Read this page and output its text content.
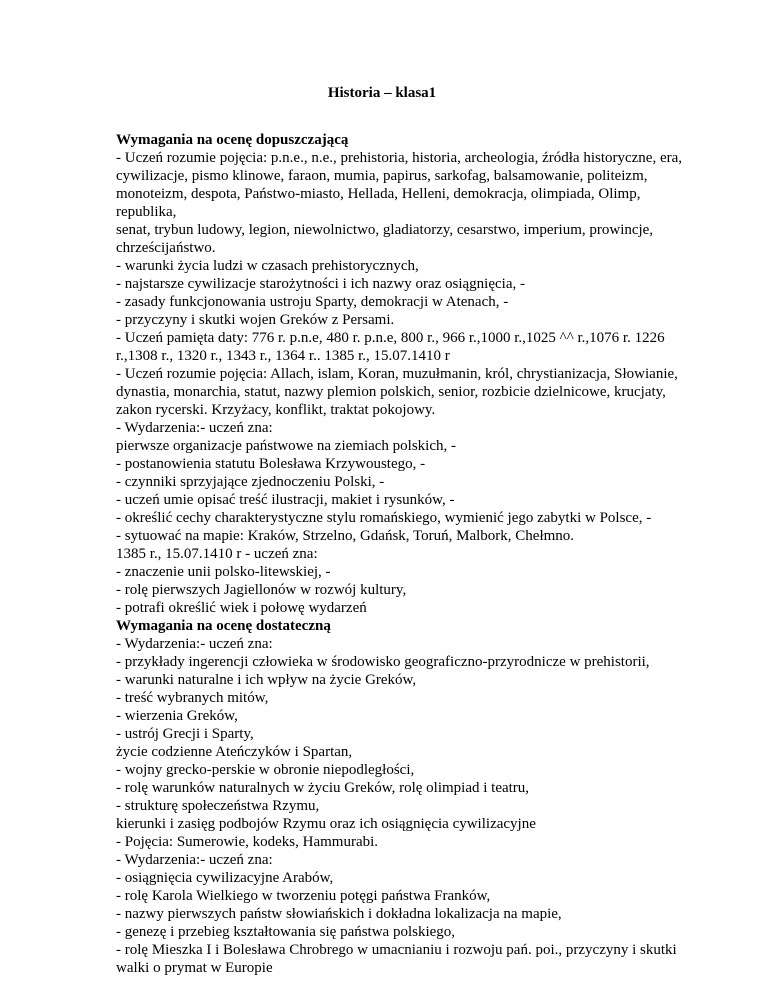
Historia – klasa1

Wymagania na ocenę dopuszczającą

- Uczeń rozumie pojęcia: p.n.e., n.e., prehistoria, historia, archeologia, źródła historyczne, era,

cywilizacje, pismo klinowe, faraon, mumia, papirus, sarkofag, balsamowanie, politeizm,

monoteizm, despota, Państwo-miasto, Hellada, Helleni, demokracja, olimpiada, Olimp,

republika,

senat, trybun ludowy, legion, niewolnictwo, gladiatorzy, cesarstwo, imperium, prowincje,

chrześcijaństwo.

- warunki życia ludzi w czasach prehistorycznych,

- najstarsze cywilizacje starożytności i ich nazwy oraz osiągnięcia, -

- zasady funkcjonowania ustroju Sparty, demokracji w Atenach, -

- przyczyny i skutki wojen Greków z Persami.

- Uczeń pamięta daty: 776 r. p.n.e, 480 r. p.n.e, 800 r., 966 r.,1000 r.,1025 ^^ r.,1076 r. 1226

r.,1308 r., 1320 r., 1343 r., 1364 r.. 1385 r., 15.07.1410 r

- Uczeń rozumie pojęcia: Allach, islam, Koran, muzułmanin, król, chrystianizacja, Słowianie,

dynastia, monarchia, statut, nazwy plemion polskich, senior, rozbicie dzielnicowe, krucjaty,

zakon rycerski. Krzyżacy, konflikt, traktat pokojowy.

- Wydarzenia:- uczeń zna:

pierwsze organizacje państwowe na ziemiach polskich, -

- postanowienia statutu Bolesława Krzywoustego, -

- czynniki sprzyjające zjednoczeniu Polski, -

- uczeń umie opisać treść ilustracji, makiet i rysunków, -

- określić cechy charakterystyczne stylu romańskiego, wymienić jego zabytki w Polsce, -

- sytuować na mapie: Kraków, Strzelno, Gdańsk, Toruń, Malbork, Chełmno.

1385 r., 15.07.1410 r - uczeń zna:

- znaczenie unii polsko-litewskiej, -

- rolę pierwszych Jagiellonów w rozwój kultury,

- potrafi określić wiek i połowę wydarzeń

Wymagania na ocenę dostateczną

- Wydarzenia:- uczeń zna:

- przykłady ingerencji człowieka w środowisko geograficzno-przyrodnicze w prehistorii,

- warunki naturalne i ich wpływ na życie Greków,

- treść wybranych mitów,

- wierzenia Greków,

- ustrój Grecji i Sparty,

życie codzienne Ateńczyków i Spartan,

- wojny grecko-perskie w obronie niepodległości,

- rolę warunków naturalnych w życiu Greków, rolę olimpiad i teatru,

- strukturę społeczeństwa Rzymu,

kierunki i zasięg podbojów Rzymu oraz ich osiągnięcia cywilizacyjne

- Pojęcia: Sumerowie, kodeks, Hammurabi.

- Wydarzenia:- uczeń zna:

- osiągnięcia cywilizacyjne Arabów,

- rolę Karola Wielkiego w tworzeniu potęgi państwa Franków,

- nazwy pierwszych państw słowiańskich i dokładna lokalizacja na mapie,

- genezę i przebieg kształtowania się państwa polskiego,

- rolę Mieszka I i Bolesława Chrobrego w umacnianiu i rozwoju pań. poi., przyczyny i skutki

walki o prymat w Europie
